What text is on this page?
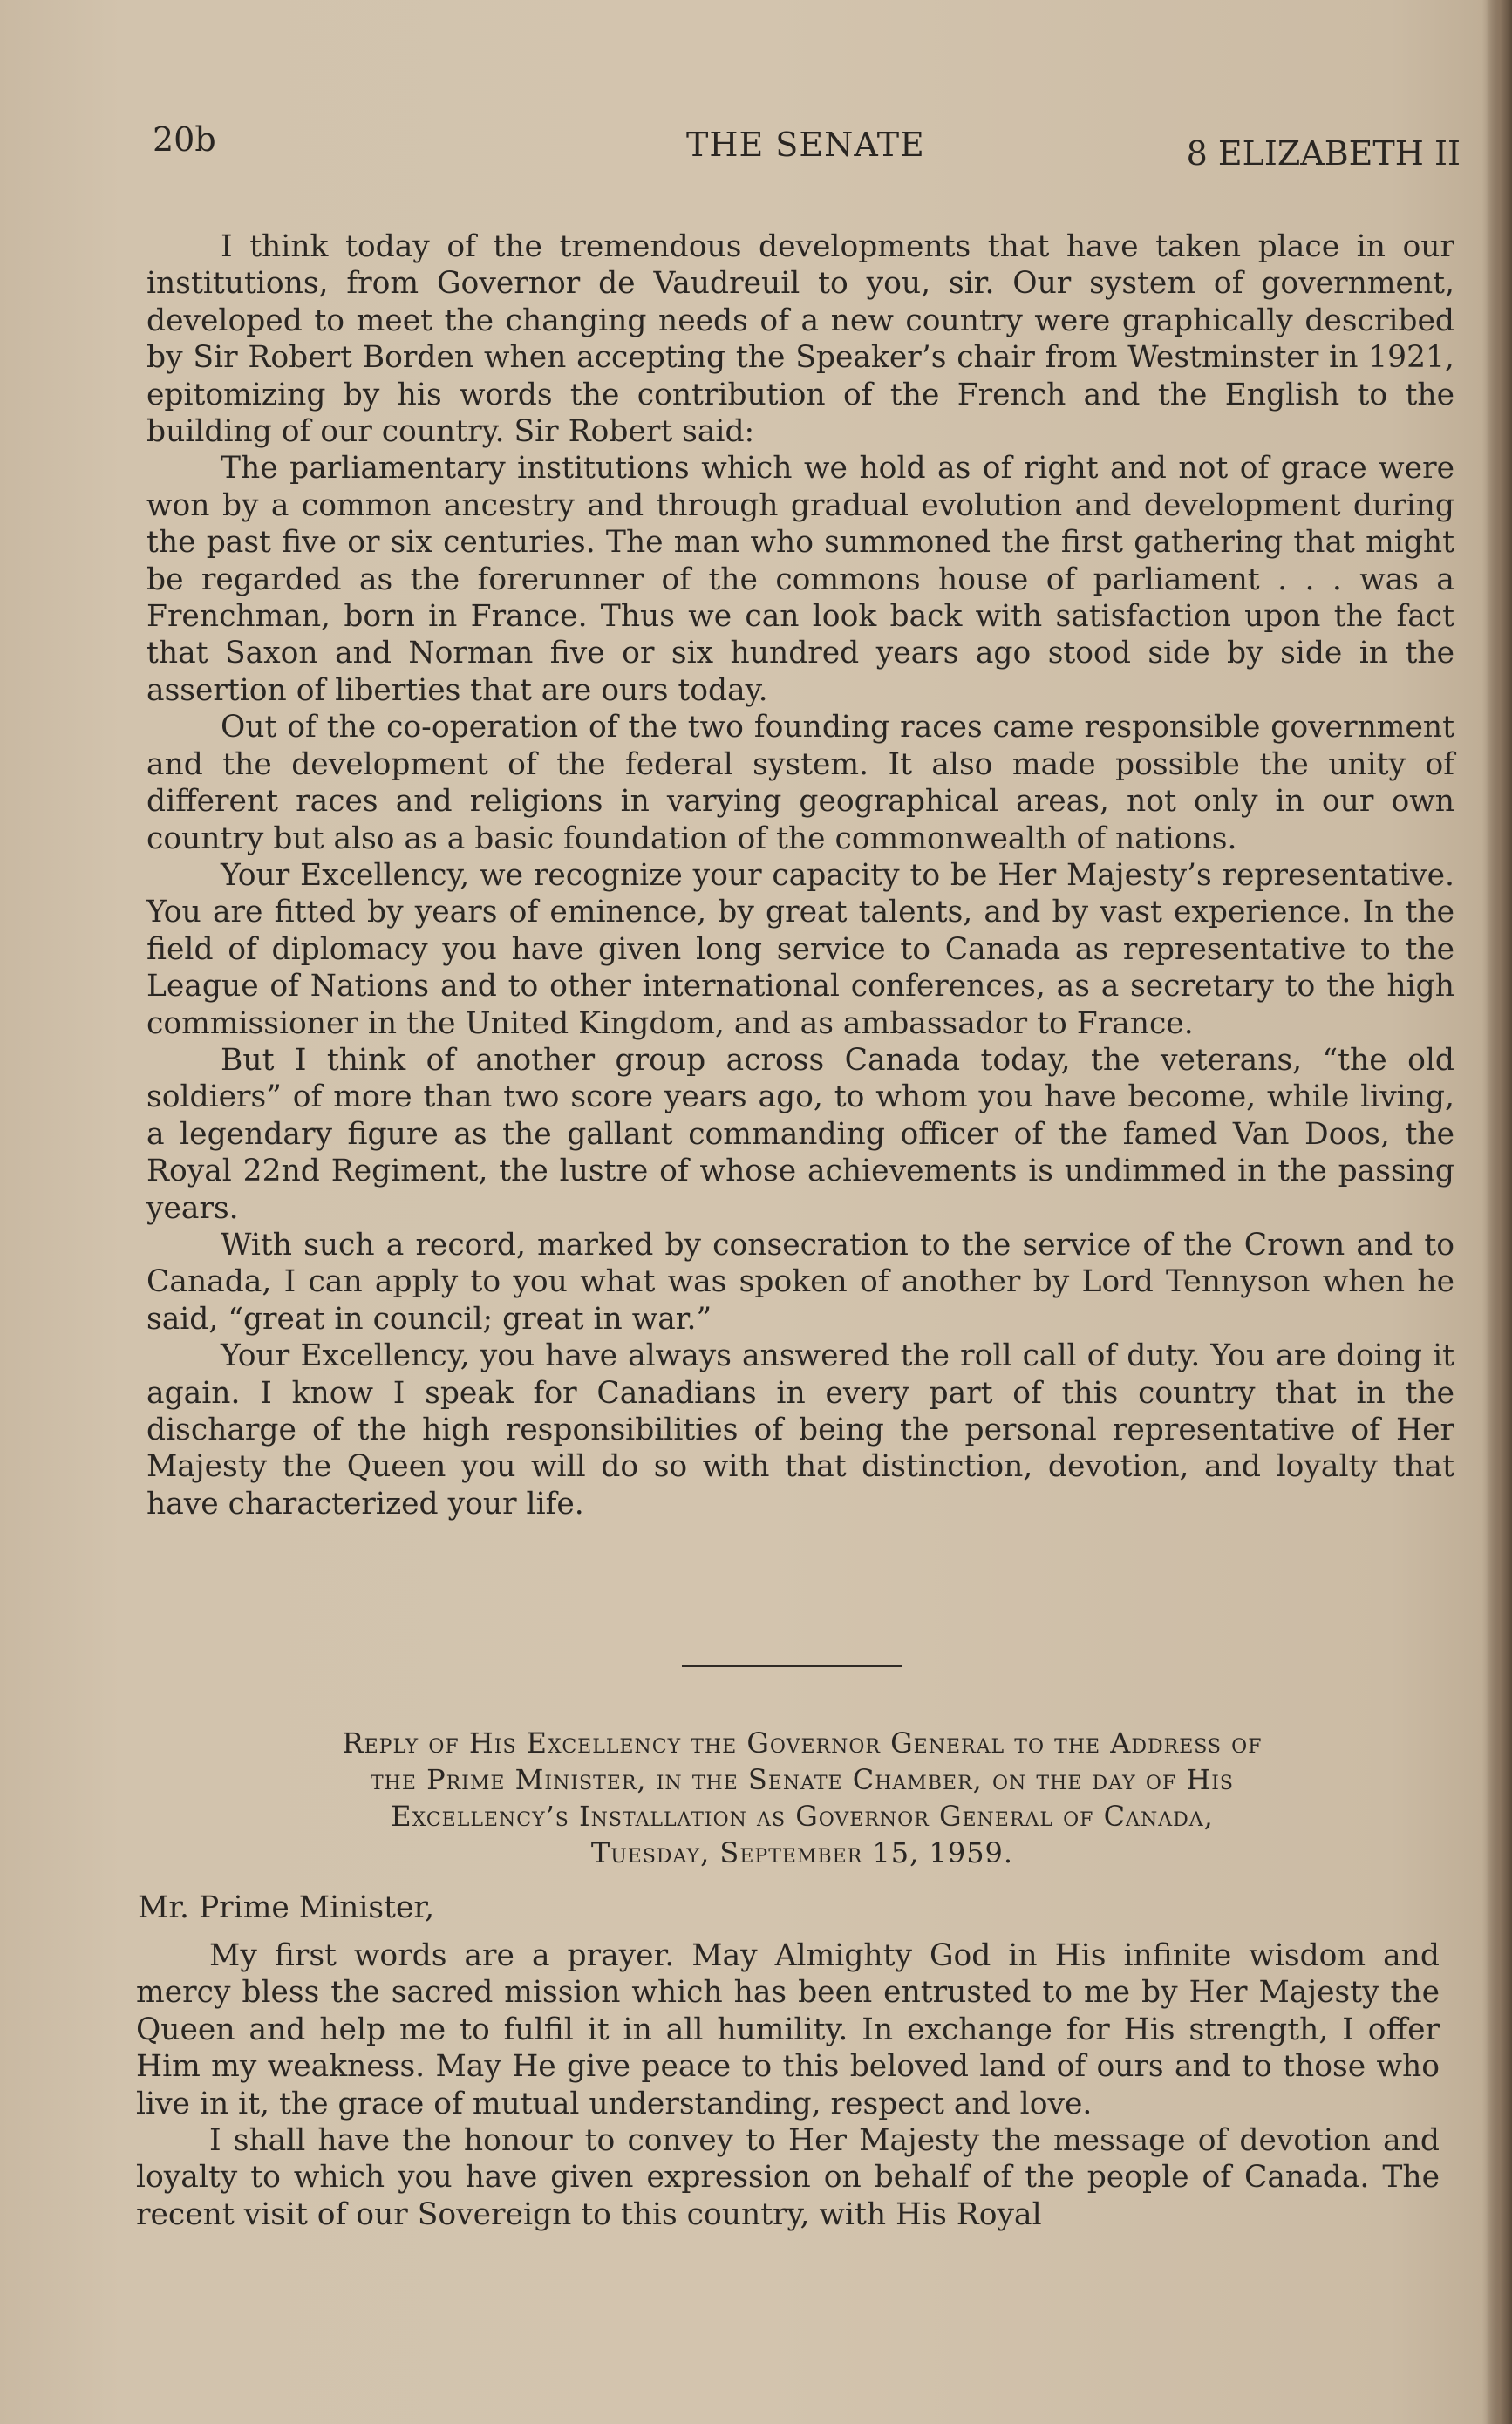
20b	THE SENATE	8 ELIZABETH II

I think today of the tremendous developments that have taken place in our institutions, from Governor de Vaudreuil to you, sir. Our system of government, developed to meet the changing needs of a new country were graphically described by Sir Robert Borden when accepting the Speaker’s chair from Westminster in 1921, epitomizing by his words the contribution of the French and the English to the building of our country. Sir Robert said:

The parliamentary institutions which we hold as of right and not of grace were won by a common ancestry and through gradual evolution and development during the past five or six centuries. The man who summoned the first gathering that might be regarded as the forerunner of the commons house of parliament . . . was a Frenchman, born in France. Thus we can look back with satisfaction upon the fact that Saxon and Norman five or six hundred years ago stood side by side in the assertion of liberties that are ours today.

Out of the co-operation of the two founding races came responsible government and the development of the federal system. It also made possible the unity of different races and religions in varying geographical areas, not only in our own country but also as a basic foundation of the commonwealth of nations.

Your Excellency, we recognize your capacity to be Her Majesty’s representative. You are fitted by years of eminence, by great talents, and by vast experience. In the field of diplomacy you have given long service to Canada as representative to the League of Nations and to other international conferences, as a secretary to the high commissioner in the United Kingdom, and as ambassador to France.

But I think of another group across Canada today, the veterans, “the old soldiers” of more than two score years ago, to whom you have become, while living, a legendary figure as the gallant commanding officer of the famed Van Doos, the Royal 22nd Regiment, the lustre of whose achievements is undimmed in the passing years.

With such a record, marked by consecration to the service of the Crown and to Canada, I can apply to you what was spoken of another by Lord Tennyson when he said, “great in council; great in war.”

Your Excellency, you have always answered the roll call of duty. You are doing it again. I know I speak for Canadians in every part of this country that in the discharge of the high responsibilities of being the personal representative of Her Majesty the Queen you will do so with that distinction, devotion, and loyalty that have characterized your life.

Reply of His Excellency the Governor General to the Address of
the Prime Minister, in the Senate Chamber, on the day of His
Excellency’s Installation as Governor General of Canada,
Tuesday, September 15, 1959.
Mr. Prime Minister,

My first words are a prayer. May Almighty God in His infinite wisdom and mercy bless the sacred mission which has been entrusted to me by Her Majesty the Queen and help me to fulfil it in all humility. In exchange for His strength, I offer Him my weakness. May He give peace to this beloved land of ours and to those who live in it, the grace of mutual understanding, respect and love.

I shall have the honour to convey to Her Majesty the message of devotion and loyalty to which you have given expression on behalf of the people of Canada. The recent visit of our Sovereign to this country, with His Royal
